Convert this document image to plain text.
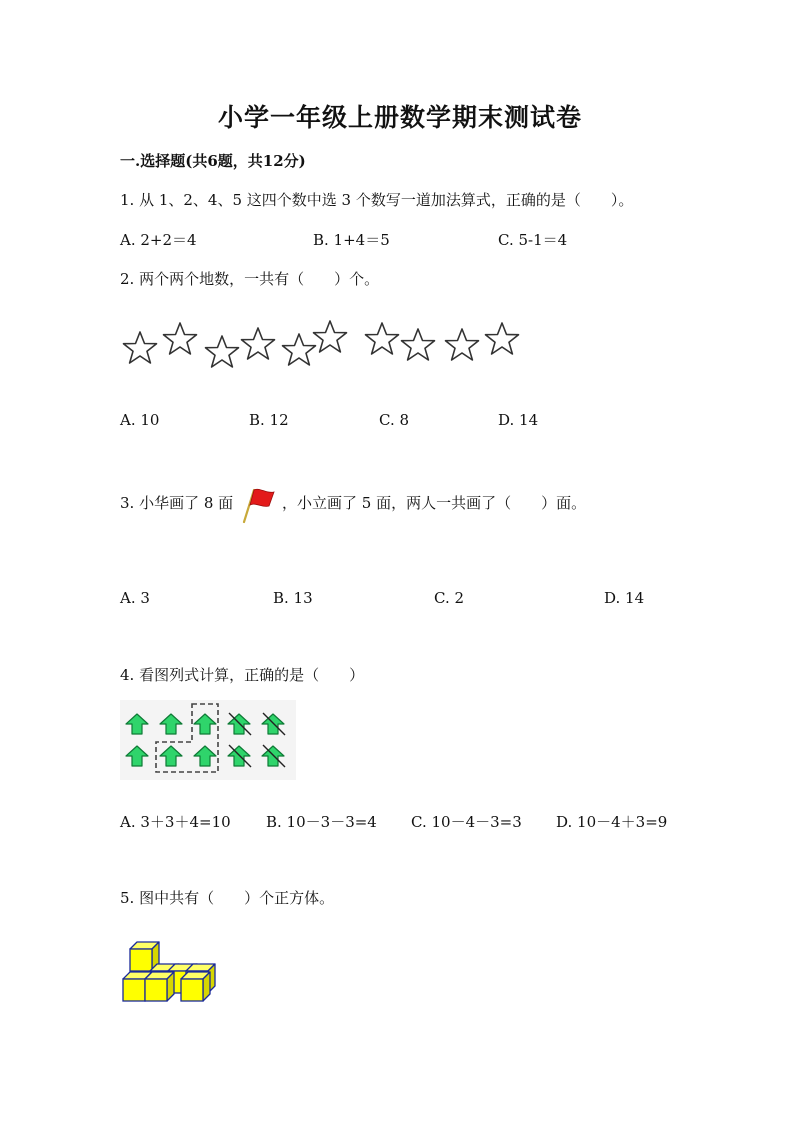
小学一年级上册数学期末测试卷
一.选择题(共6题，共12分)
1. 从 1、2、4、5 这四个数中选 3 个数写一道加法算式，正确的是（　　）。
A. 2+2＝4	B. 1+4＝5	C. 5-1＝4
2. 两个两个地数，一共有（　　）个。
A. 10	B. 12	C. 8	D. 14
3. 小华画了 8 面	，小立画了 5 面，两人一共画了（　　）面。
A. 3	B. 13	C. 2	D. 14
4. 看图列式计算，正确的是（　　）
A. 3＋3＋4=10 B. 10－3－3=4 C. 10－4－3=3 D. 10－4＋3=9
5. 图中共有（　　）个正方体。
